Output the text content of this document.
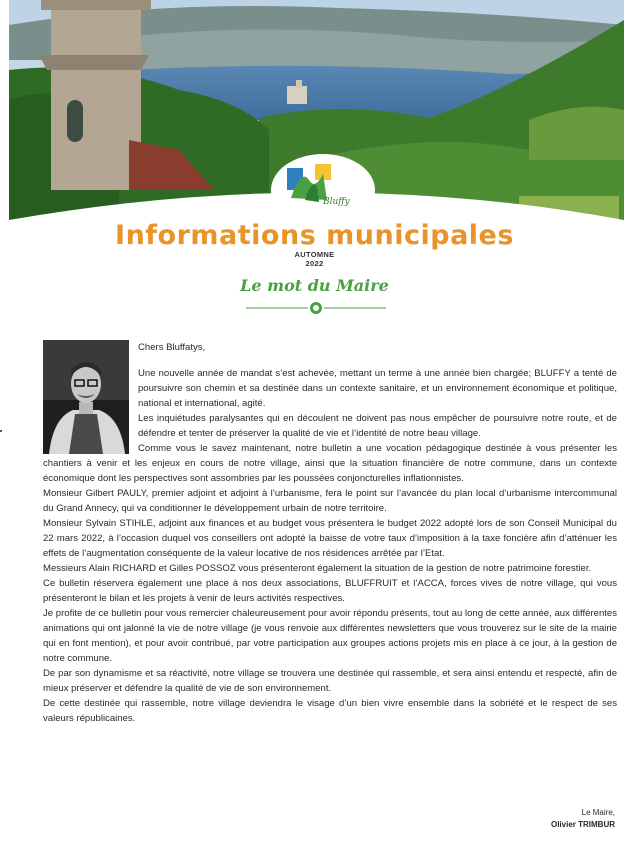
Bluffy
Informations municipales
AUTOMNE
2022
Le mot du Maire

Chers Bluffatys,

Une nouvelle année de mandat s’est achevée, mettant un terme à une année bien chargée; BLUFFY a tenté de poursuivre son chemin et sa destinée dans un contexte sanitaire, et un environnement économique et politique, national et international, agité.

Les inquiétudes paralysantes qui en découlent ne doivent pas nous empêcher de poursuivre notre route, et de défendre et tenter de préserver la qualité de vie et l’identité de notre beau village.

Comme vous le savez maintenant, notre bulletin a une vocation pédagogique destinée à vous présenter les chantiers à venir et les enjeux en cours de notre village, ainsi que la situation financière de notre commune, dans un contexte économique dont les perspectives sont assombries par les poussées conjoncturelles inflationnistes.

Monsieur Gilbert PAULY, premier adjoint et adjoint à l’urbanisme, fera le point sur l’avancée du plan local d’urbanisme intercommunal du Grand Annecy, qui va conditionner le développement urbain de notre territoire.

Monsieur Sylvain STIHLE, adjoint aux finances et au budget vous présentera le budget 2022 adopté lors de son Conseil Municipal du 22 mars 2022, à l’occasion duquel vos conseillers ont adopté la baisse de votre taux d’imposition à la taxe foncière afin d’atténuer les effets de l’augmentation conséquente de la valeur locative de nos résidences arrêtée par l’Etat.

Messieurs Alain RICHARD et Gilles POSSOZ vous présenteront également la situation de la gestion de notre patrimoine forestier.

Ce bulletin réservera également une place à nos deux associations, BLUFFRUIT et l’ACCA, forces vives de notre village, qui vous présenteront le bilan et les projets à venir de leurs activités respectives.

Je profite de ce bulletin pour vous remercier chaleureusement pour avoir répondu présents, tout au long de cette année, aux différentes animations qui ont jalonné la vie de notre village (je vous renvoie aux différentes newsletters que vous trouverez sur le site de la mairie qui en font mention), et pour avoir contribué, par votre participation aux groupes actions projets mis en place à ce jour, à la gestion de notre commune.

De par son dynamisme et sa réactivité, notre village se trouvera une destinée qui rassemble, et sera ainsi entendu et respecté, afin de mieux préserver et défendre la qualité de vie de son environnement.

De cette destinée qui rassemble, notre village deviendra le visage d’un bien vivre ensemble dans la sobriété et le respect de ses valeurs républicaines.

Le Maire,
Olivier TRIMBUR
